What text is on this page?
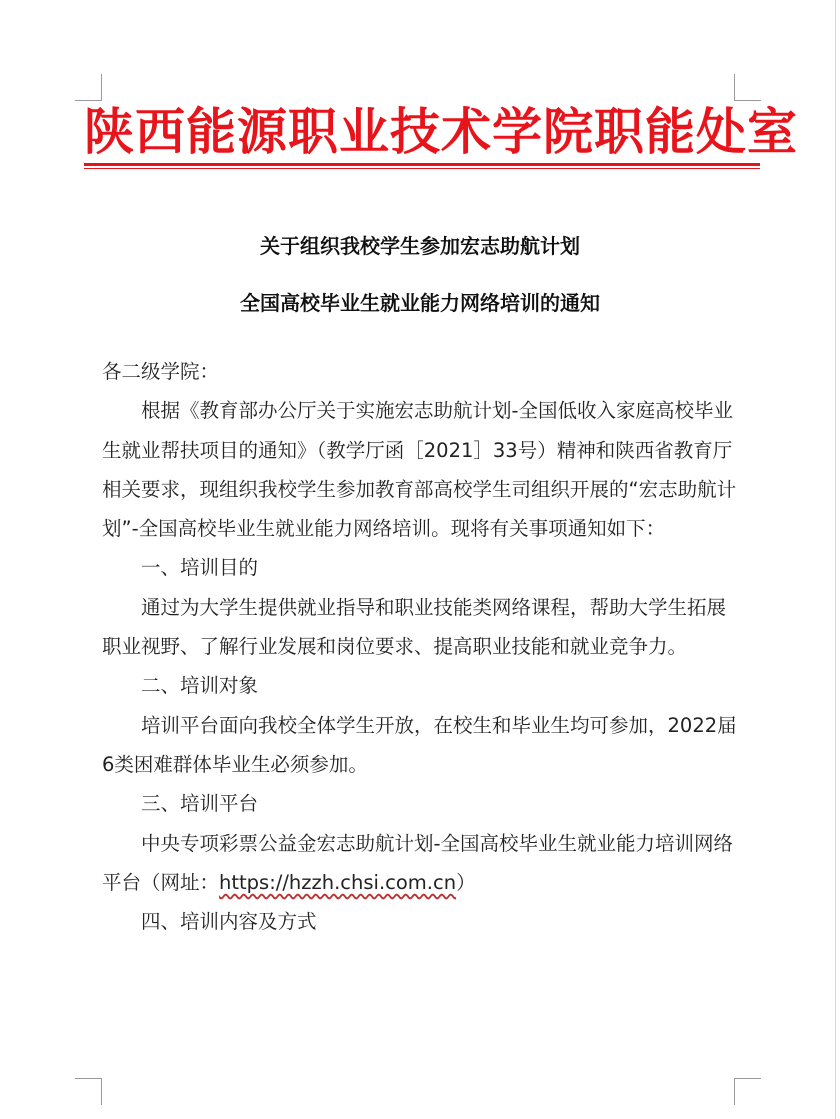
陕西能源职业技术学院职能处室
关于组织我校学生参加宏志助航计划
全国高校毕业生就业能力网络培训的通知

各二级学院：

根据《教育部办公厅关于实施宏志助航计划-全国低收入家庭高校毕业生就业帮扶项目的通知》（教学厅函［2021］33号）精神和陕西省教育厅相关要求，现组织我校学生参加教育部高校学生司组织开展的“宏志助航计划”-全国高校毕业生就业能力网络培训。现将有关事项通知如下：

一、培训目的

通过为大学生提供就业指导和职业技能类网络课程，帮助大学生拓展职业视野、了解行业发展和岗位要求、提高职业技能和就业竞争力。

二、培训对象

培训平台面向我校全体学生开放，在校生和毕业生均可参加，2022届6类困难群体毕业生必须参加。

三、培训平台

中央专项彩票公益金宏志助航计划-全国高校毕业生就业能力培训网络平台（网址：https://hzzh.chsi.com.cn）

四、培训内容及方式
